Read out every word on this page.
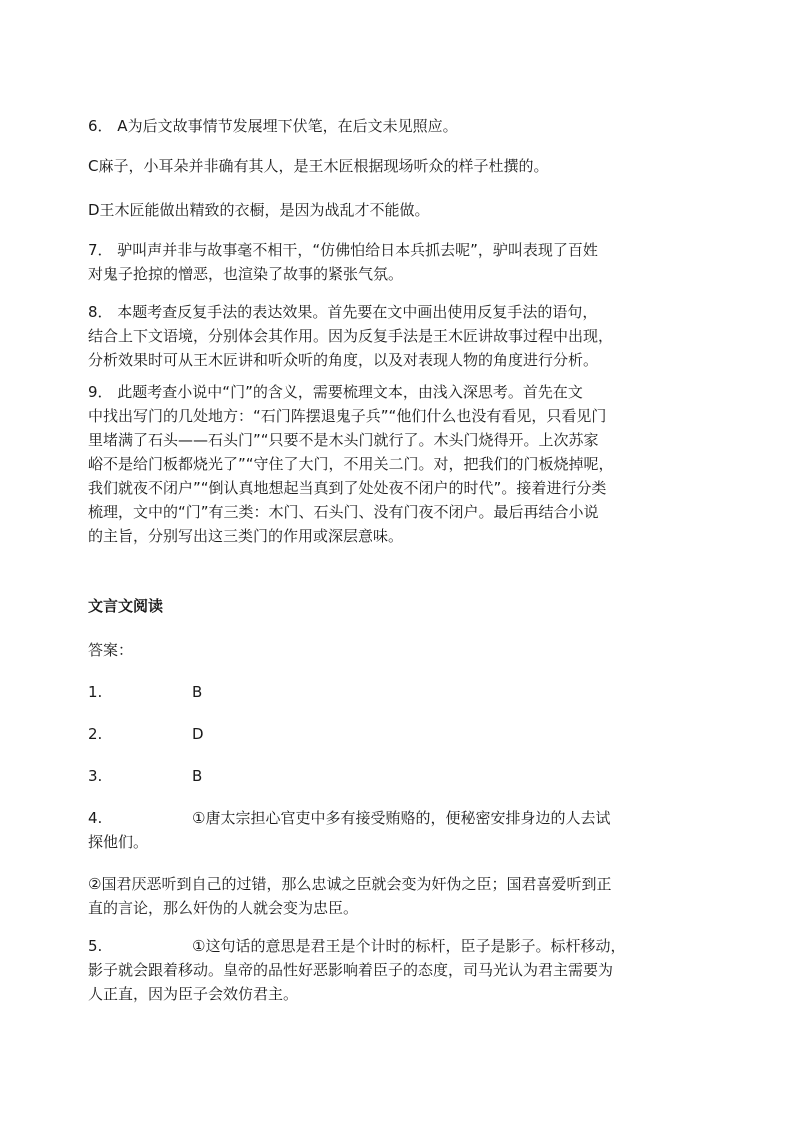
6． A为后文故事情节发展埋下伏笔，在后文未见照应。
C麻子，小耳朵并非确有其人，是王木匠根据现场听众的样子杜撰的。
D王木匠能做出精致的衣橱，是因为战乱才不能做。
7． 驴叫声并非与故事毫不相干，“仿佛怕给日本兵抓去呢”，驴叫表现了百姓
对鬼子抢掠的憎恶，也渲染了故事的紧张气氛。
8． 本题考查反复手法的表达效果。首先要在文中画出使用反复手法的语句，
结合上下文语境，分别体会其作用。因为反复手法是王木匠讲故事过程中出现，
分析效果时可从王木匠讲和听众听的角度，以及对表现人物的角度进行分析。
9． 此题考查小说中“门”的含义，需要梳理文本，由浅入深思考。首先在文
中找出写门的几处地方：“石门阵摆退鬼子兵”“他们什么也没有看见，只看见门
里堵满了石头——石头门”“只要不是木头门就行了。木头门烧得开。上次苏家
峪不是给门板都烧光了”“守住了大门，不用关二门。对，把我们的门板烧掉呢，
我们就夜不闭户”“倒认真地想起当真到了处处夜不闭户的时代”。接着进行分类
梳理，文中的“门”有三类：木门、石头门、没有门夜不闭户。最后再结合小说
的主旨，分别写出这三类门的作用或深层意味。
文言文阅读
答案：
1.	B
2.	D
3.	B
4.	①唐太宗担心官吏中多有接受贿赂的，便秘密安排身边的人去试
探他们。
②国君厌恶听到自己的过错，那么忠诚之臣就会变为奸伪之臣；国君喜爱听到正
直的言论，那么奸伪的人就会变为忠臣。
5.	①这句话的意思是君王是个计时的标杆，臣子是影子。标杆移动，
影子就会跟着移动。皇帝的品性好恶影响着臣子的态度，司马光认为君主需要为
人正直，因为臣子会效仿君主。
